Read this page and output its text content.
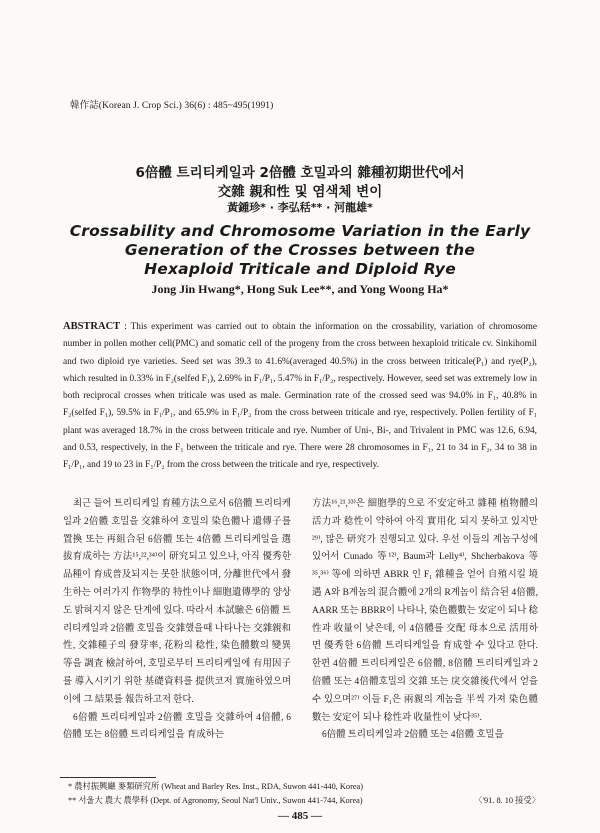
韓作誌(Korean J. Crop Sci.) 36(6) : 485~495(1991)
6倍體 트리티케일과 2倍體 호밀과의 雜種初期世代에서
交雜 親和性 및 염색체 변이
黃鍾珍* · 李弘秳** · 河龍雄*
Crossability and Chromosome Variation in the Early
Generation of the Crosses between the
Hexaploid Triticale and Diploid Rye
Jong Jin Hwang*, Hong Suk Lee**, and Yong Woong Ha*
ABSTRACT : This experiment was carried out to obtain the information on the crossability, variation of chromosome number in pollen mother cell(PMC) and somatic cell of the progeny from the cross between hexaploid triticale cv. Sinkihomil and two diploid rye varieties. Seed set was 39.3 to 41.6%(averaged 40.5%) in the cross between triticale(P₁) and rye(P₂), which resulted in 0.33% in F₂(selfed F₁), 2.69% in F₁/P₁, 5.47% in F₁/P₂, respectively. However, seed set was extremely low in both reciprocal crosses when triticale was used as male. Germination rate of the crossed seed was 94.0% in F₁, 40.8% in F₂(selfed F₁), 59.5% in F₁/P₁, and 65.9% in F₁/P₂ from the cross between triticale and rye, respectively. Pollen fertility of F₁ plant was averaged 18.7% in the cross between triticale and rye. Number of Uni-, Bi-, and Trivalent in PMC was 12.6, 6.94, and 0.53, respectively, in the F₁ between the triticale and rye. There were 28 chromosomes in F₁, 21 to 34 in F₂, 34 to 38 in F₁/P₁, and 19 to 23 in F₁/P₂ from the cross between the triticale and rye, respectively.

최근 들어 트리티케일 育種方法으로서 6倍體 트리티케일과 2倍體 호밀을 交雜하여 호밀의 染色體나 遺傳子를 置換 또는 再組合된 6倍體 또는 4倍體 트리티케일을 選拔育成하는 方法¹⁵,²²,³⁴⁾이 研究되고 있으나, 아직 優秀한 品種이 育成普及되지는 못한 狀態이며, 分離世代에서 發生하는 여러가지 作物學的 特性이나 細胞遺傳學的 양상도 밝혀지지 않은 단계에 있다. 따라서 本試驗은 6倍體 트리티케일과 2倍體 호밀을 交雜했을때 나타나는 交雜親和性, 交雜種子의 發芽率, 花粉의 稔性, 染色體數의 變異 等을 調査 檢討하여, 호밀로부터 트리티케일에 有用因子를 導入시키기 위한 基礎資料를 提供코저 實施하였으며 이에 그 結果를 報告하고저 한다.

6倍體 트리티케일과 2倍體 호밀을 交雜하여 4倍體, 6倍體 또는 8倍體 트리티케일을 育成하는

方法¹⁶,²¹,³³⁾은 細胞學的으로 不安定하고 雜種 植物體의 活力과 稔性이 약하여 아직 實用化 되지 못하고 있지만²⁹⁾, 많은 研究가 진행되고 있다. 우선 이들의 계놈구성에 있어서 Cunado 等¹²⁾, Baum과 Lelly⁴⁾, Shcherbakova 等³⁵,³⁶⁾ 等에 의하면 ABRR 인 F₁ 雜種을 얻어 自殖시킬 境遇 A와 B계놈의 混合體에 2개의 R계놈이 結合된 4倍體, AARR 또는 BBRR이 나타나, 染色體數는 安定이 되나 稔性과 收量이 낮은데, 이 4倍體를 交配 母本으로 活用하면 優秀한 6倍體 트리티케일을 育成할 수 있다고 한다. 한편 4倍體 트리티케일은 6倍體, 8倍體 트리티케일과 2倍體 또는 4倍體호밀의 交雜 또는 戾交雜後代에서 얻을 수 있으며²⁷⁾ 이들 F₁은 兩親의 계놈을 半씩 가져 染色體數는 安定이 되나 稔性과 收量性이 낮다³⁵⁾.

6倍體 트리티케일과 2倍體 또는 4倍體 호밀을

* 農村振興廳 麥類研究所 (Wheat and Barley Res. Inst., RDA, Suwon 441-440, Korea)
** 서울大 農大 農學科 (Dept. of Agronomy, Seoul Nat'l Univ., Suwon 441-744, Korea)	〈'91. 8. 10 接受〉
— 485 —
